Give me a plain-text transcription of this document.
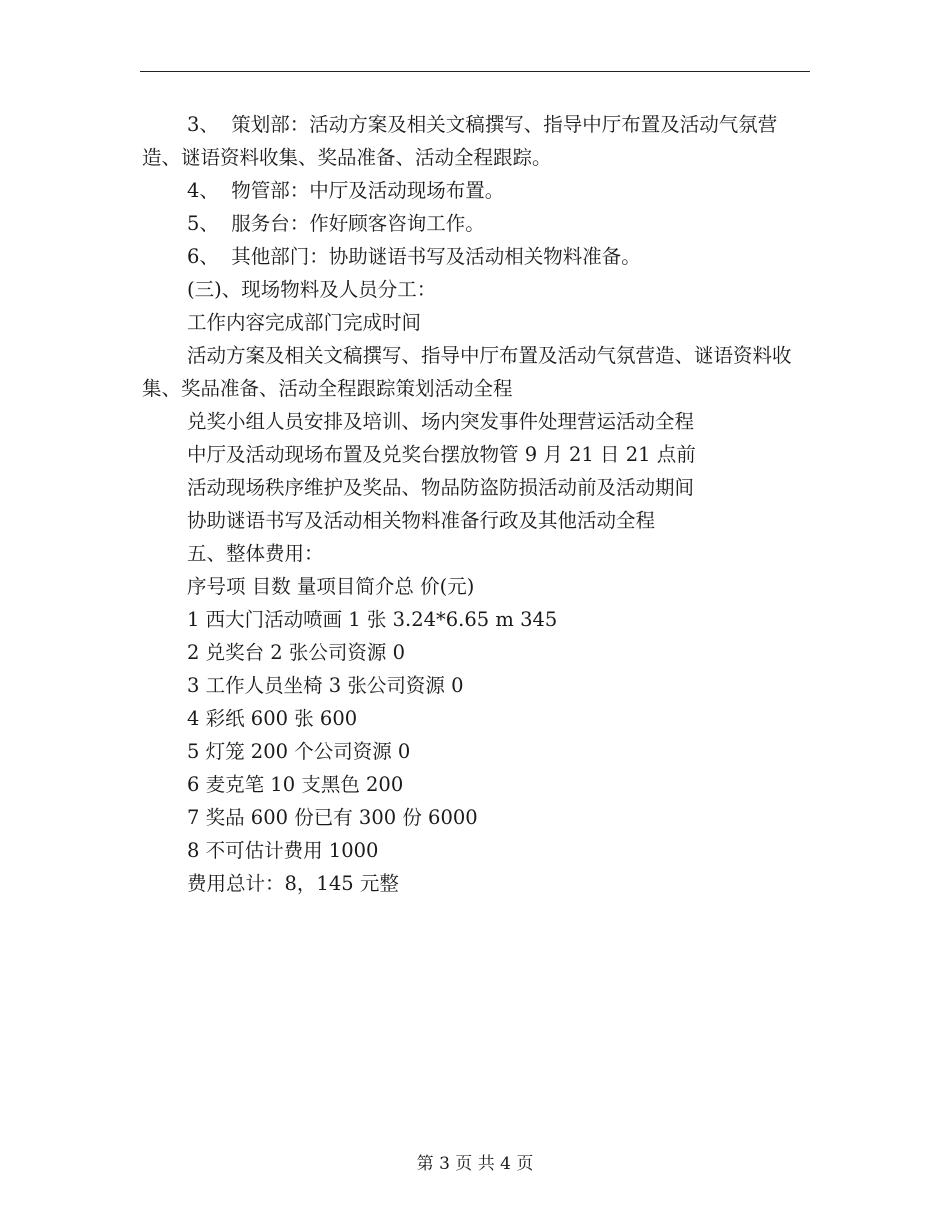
3、  策划部：活动方案及相关文稿撰写、指导中厅布置及活动气氛营造、谜语资料收集、奖品准备、活动全程跟踪。

4、  物管部：中厅及活动现场布置。

5、  服务台：作好顾客咨询工作。

6、  其他部门：协助谜语书写及活动相关物料准备。

(三)、现场物料及人员分工：

工作内容完成部门完成时间

活动方案及相关文稿撰写、指导中厅布置及活动气氛营造、谜语资料收集、奖品准备、活动全程跟踪策划活动全程

兑奖小组人员安排及培训、场内突发事件处理营运活动全程

中厅及活动现场布置及兑奖台摆放物管 9 月 21 日 21 点前

活动现场秩序维护及奖品、物品防盗防损活动前及活动期间

协助谜语书写及活动相关物料准备行政及其他活动全程

五、整体费用：

序号项 目数 量项目简介总 价(元)

1 西大门活动喷画 1 张 3.24*6.65 m 345

2 兑奖台 2 张公司资源 0

3 工作人员坐椅 3 张公司资源 0

4 彩纸 600 张 600

5 灯笼 200 个公司资源 0

6 麦克笔 10 支黑色 200

7 奖品 600 份已有 300 份 6000

8 不可估计费用 1000

费用总计：8，145 元整

第 3 页 共 4 页
